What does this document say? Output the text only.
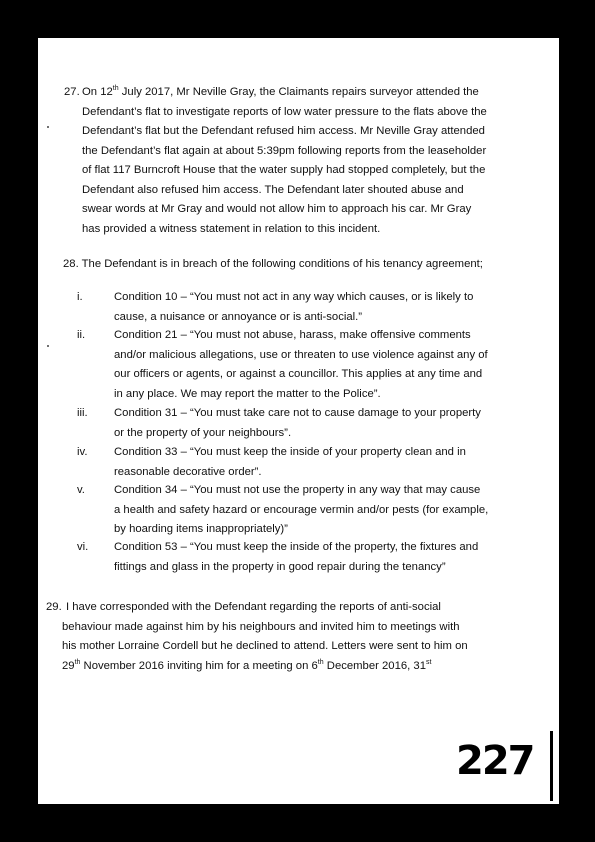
27. On 12th July 2017, Mr Neville Gray, the Claimants repairs surveyor attended the
Defendant’s flat to investigate reports of low water pressure to the flats above the
Defendant’s flat but the Defendant refused him access. Mr Neville Gray attended
the Defendant’s flat again at about 5:39pm following reports from the leaseholder
of flat 117 Burncroft House that the water supply had stopped completely, but the
Defendant also refused him access. The Defendant later shouted abuse and
swear words at Mr Gray and would not allow him to approach his car. Mr Gray
has provided a witness statement in relation to this incident.
28. The Defendant is in breach of the following conditions of his tenancy agreement;
i.	Condition 10 – “You must not act in any way which causes, or is likely to
cause, a nuisance or annoyance or is anti-social.”
ii.	Condition 21 – “You must not abuse, harass, make offensive comments
and/or malicious allegations, use or threaten to use violence against any of
our officers or agents, or against a councillor. This applies at any time and
in any place. We may report the matter to the Police”.
iii. Condition 31 – “You must take care not to cause damage to your property
or the property of your neighbours”.
iv. Condition 33 – “You must keep the inside of your property clean and in
reasonable decorative order”.
v.	Condition 34 – “You must not use the property in any way that may cause
a health and safety hazard or encourage vermin and/or pests (for example,
by hoarding items inappropriately)”
vi. Condition 53 – “You must keep the inside of the property, the fixtures and
fittings and glass in the property in good repair during the tenancy”
29. I have corresponded with the Defendant regarding the reports of anti-social
behaviour made against him by his neighbours and invited him to meetings with
his mother Lorraine Cordell but he declined to attend. Letters were sent to him on
29th November 2016 inviting him for a meeting on 6th December 2016, 31st
227
